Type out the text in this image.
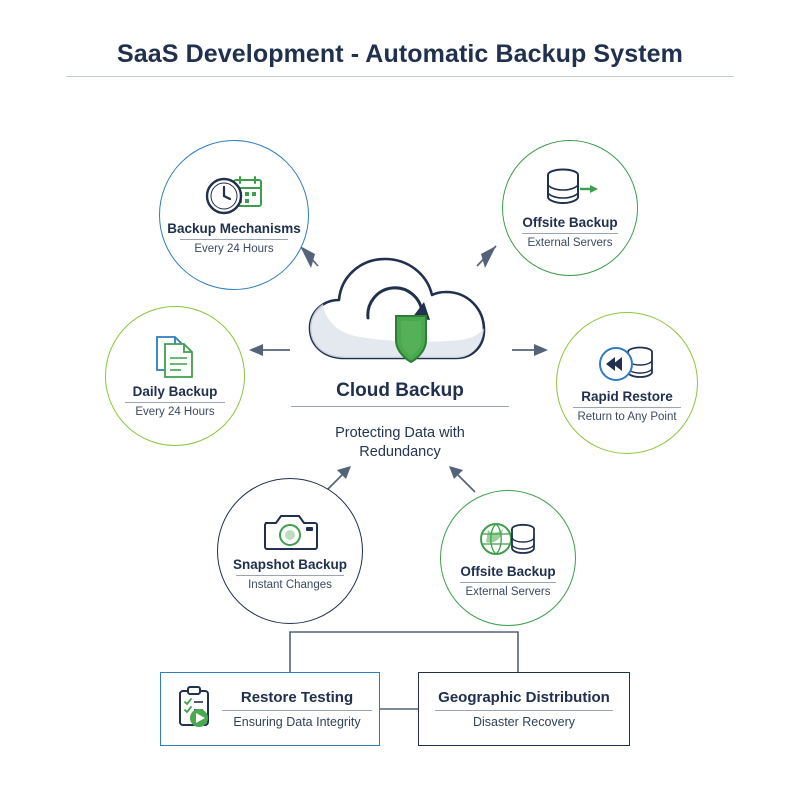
SaaS Development - Automatic Backup System
Cloud Backup
Protecting Data with
Redundancy
Backup Mechanisms
Every 24 Hours
Offsite Backup
External Servers
Daily Backup
Every 24 Hours
Rapid Restore
Return to Any Point
Snapshot Backup
Instant Changes
Offsite Backup
External Servers
Restore Testing
Ensuring Data Integrity
Geographic Distribution
Disaster Recovery
